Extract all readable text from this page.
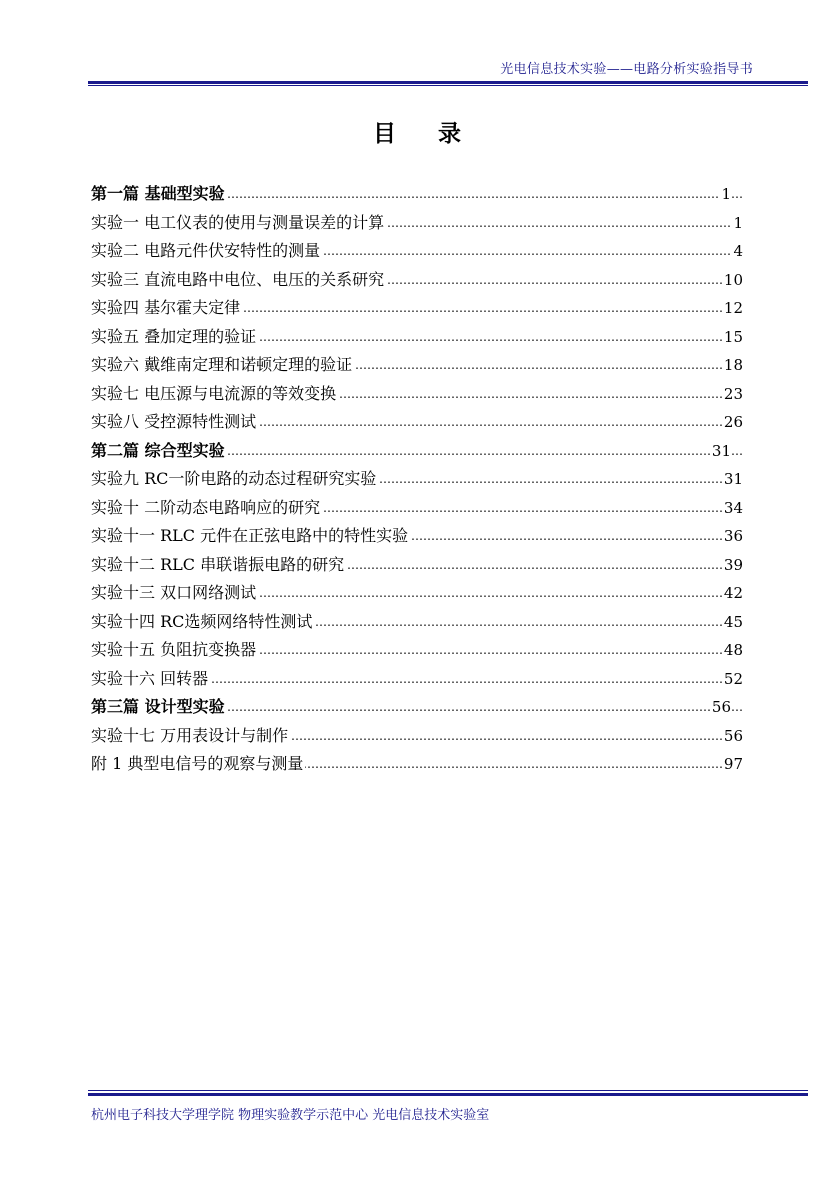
光电信息技术实验——电路分析实验指导书
目录
………………………………………………………………………………………………………………………………………………………………………………………… 第一篇 基础型实验	1
………………………………………………………………………………………………………………………………………………………………………………………… 实验一 电工仪表的使用与测量误差的计算	1
………………………………………………………………………………………………………………………………………………………………………………………… 实验二 电路元件伏安特性的测量	4
………………………………………………………………………………………………………………………………………………………………………………………… 实验三 直流电路中电位、电压的关系研究	10
………………………………………………………………………………………………………………………………………………………………………………………… 实验四 基尔霍夫定律	12
………………………………………………………………………………………………………………………………………………………………………………………… 实验五 叠加定理的验证	15
………………………………………………………………………………………………………………………………………………………………………………………… 实验六 戴维南定理和诺顿定理的验证	18
………………………………………………………………………………………………………………………………………………………………………………………… 实验七 电压源与电流源的等效变换	23
………………………………………………………………………………………………………………………………………………………………………………………… 实验八 受控源特性测试	26
………………………………………………………………………………………………………………………………………………………………………………………… 第二篇 综合型实验	31
………………………………………………………………………………………………………………………………………………………………………………………… 实验九 RC一阶电路的动态过程研究实验	31
………………………………………………………………………………………………………………………………………………………………………………………… 实验十 二阶动态电路响应的研究	34
………………………………………………………………………………………………………………………………………………………………………………………… 实验十一 RLC 元件在正弦电路中的特性实验	36
………………………………………………………………………………………………………………………………………………………………………………………… 实验十二 RLC 串联谐振电路的研究	39
………………………………………………………………………………………………………………………………………………………………………………………… 实验十三 双口网络测试	42
………………………………………………………………………………………………………………………………………………………………………………………… 实验十四 RC选频网络特性测试	45
………………………………………………………………………………………………………………………………………………………………………………………… 实验十五 负阻抗变换器	48
………………………………………………………………………………………………………………………………………………………………………………………… 实验十六 回转器	52
………………………………………………………………………………………………………………………………………………………………………………………… 第三篇 设计型实验	56
………………………………………………………………………………………………………………………………………………………………………………………… 实验十七 万用表设计与制作	56
………………………………………………………………………………………………………………………………………………………………………………………… 附 1 典型电信号的观察与测量	97
杭州电子科技大学理学院 物理实验教学示范中心 光电信息技术实验室
